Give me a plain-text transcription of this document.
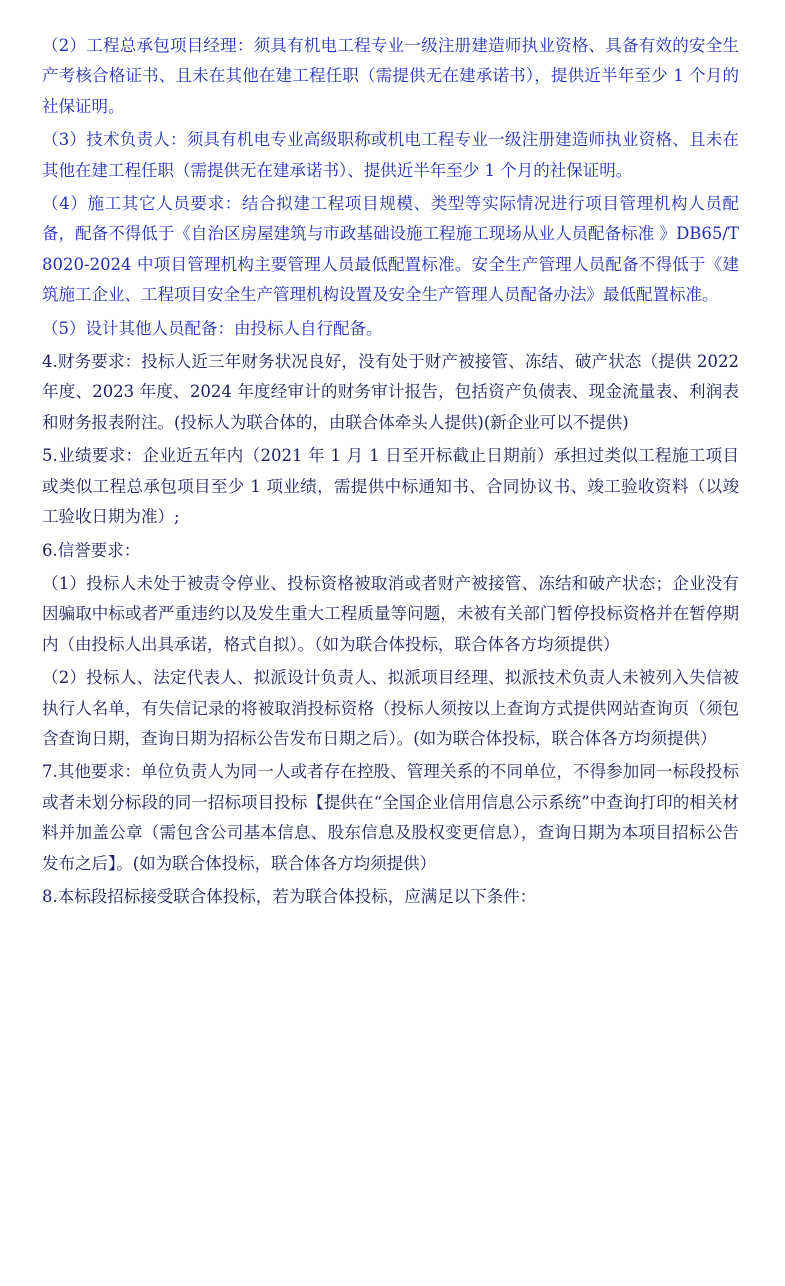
（2）工程总承包项目经理：须具有机电工程专业一级注册建造师执业资格、具备有效的安全生产考核合格证书、且未在其他在建工程任职（需提供无在建承诺书），提供近半年至少 1 个月的社保证明。

（3）技术负责人：须具有机电专业高级职称或机电工程专业一级注册建造师执业资格、且未在其他在建工程任职（需提供无在建承诺书）、提供近半年至少 1 个月的社保证明。

（4）施工其它人员要求：结合拟建工程项目规模、类型等实际情况进行项目管理机构人员配备，配备不得低于《自治区房屋建筑与市政基础设施工程施工现场从业人员配备标准 》DB65/T8020-2024 中项目管理机构主要管理人员最低配置标准。安全生产管理人员配备不得低于《建筑施工企业、工程项目安全生产管理机构设置及安全生产管理人员配备办法》最低配置标准。

（5）设计其他人员配备：由投标人自行配备。

4.财务要求：投标人近三年财务状况良好，没有处于财产被接管、冻结、破产状态（提供 2022 年度、2023 年度、2024 年度经审计的财务审计报告，包括资产负债表、现金流量表、利润表和财务报表附注。(投标人为联合体的，由联合体牵头人提供)(新企业可以不提供)

5.业绩要求：企业近五年内（2021 年 1 月 1 日至开标截止日期前）承担过类似工程施工项目或类似工程总承包项目至少 1 项业绩，需提供中标通知书、合同协议书、竣工验收资料（以竣工验收日期为准）;

6.信誉要求：

（1）投标人未处于被责令停业、投标资格被取消或者财产被接管、冻结和破产状态；企业没有因骗取中标或者严重违约以及发生重大工程质量等问题，未被有关部门暂停投标资格并在暂停期内（由投标人出具承诺，格式自拟）。（如为联合体投标，联合体各方均须提供）

（2）投标人、法定代表人、拟派设计负责人、拟派项目经理、拟派技术负责人未被列入失信被执行人名单，有失信记录的将被取消投标资格（投标人须按以上查询方式提供网站查询页（须包含查询日期，查询日期为招标公告发布日期之后）。(如为联合体投标，联合体各方均须提供）

7.其他要求：单位负责人为同一人或者存在控股、管理关系的不同单位，不得参加同一标段投标或者未划分标段的同一招标项目投标【提供在“全国企业信用信息公示系统”中查询打印的相关材料并加盖公章（需包含公司基本信息、股东信息及股权变更信息），查询日期为本项目招标公告发布之后】。(如为联合体投标，联合体各方均须提供）

8.本标段招标接受联合体投标，若为联合体投标，应满足以下条件：
